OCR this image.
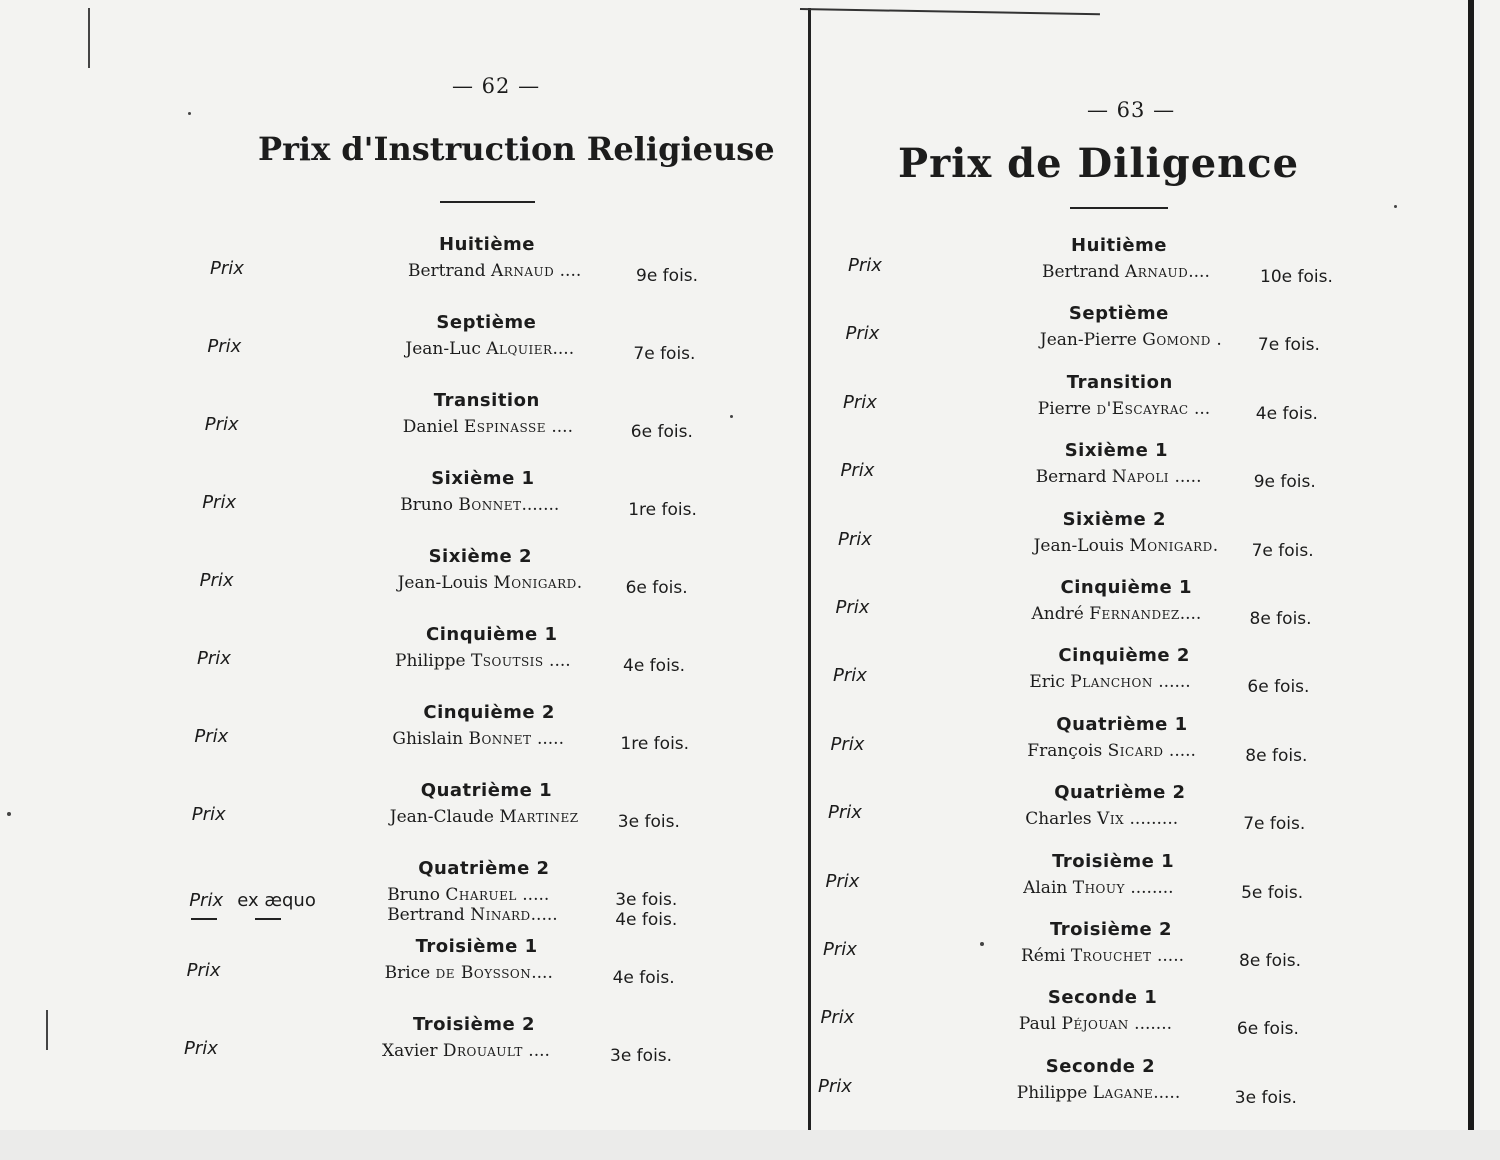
— 62 —
Prix d'Instruction Religieuse
Prix
Huitième
Bertrand Arnaud ....	9e fois.
Prix
Septième
Jean-Luc Alquier....	7e fois.
Prix
Transition
Daniel Espinasse ....	6e fois.
Prix
Sixième 1
Bruno Bonnet.......	1re fois.
Prix
Sixième 2
Jean-Louis Monigard.	6e fois.
Prix
Cinquième 1
Philippe Tsoutsis ....	4e fois.
Prix
Cinquième 2
Ghislain Bonnet .....	1re fois.
Prix
Quatrième 1
Jean-Claude Martinez 3e fois.
Prix ex æquo
Quatrième 2
Bruno Charuel .....	3e fois.
Bertrand Ninard.....	4e fois.
Prix
Troisième 1
Brice de Boysson....	4e fois.
Prix
Troisième 2
Xavier Drouault ....	3e fois.
— 63 —
Prix de Diligence
Prix
Huitième
Bertrand Arnaud....	10e fois.
Prix
Septième
Jean-Pierre Gomond . 7e fois.
Prix
Transition
Pierre d'Escayrac ...	4e fois.
Prix
Sixième 1
Bernard Napoli .....	9e fois.
Prix
Sixième 2
Jean-Louis Monigard. 7e fois.
Prix
Cinquième 1
André Fernandez....	8e fois.
Prix
Cinquième 2
Eric Planchon ......	6e fois.
Prix
Quatrième 1
François Sicard .....	8e fois.
Prix
Quatrième 2
Charles Vix .........	7e fois.
Prix
Troisième 1
Alain Thouy ........	5e fois.
Prix
Troisième 2
Rémi Trouchet .....	8e fois.
Prix
Seconde 1
Paul Péjouan .......	6e fois.
Prix
Seconde 2
Philippe Lagane.....	3e fois.
